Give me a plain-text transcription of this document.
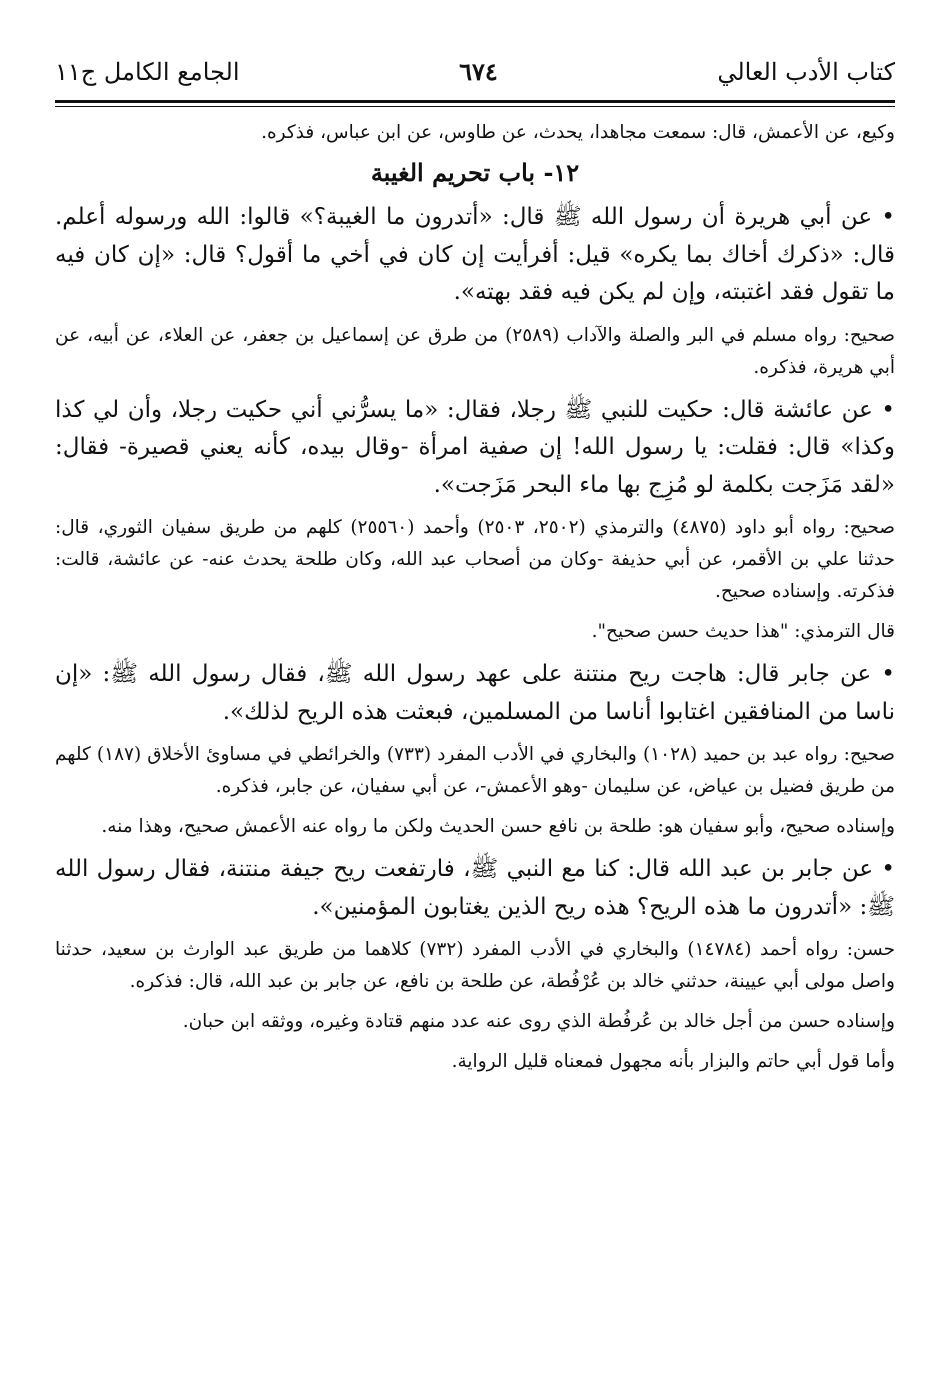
كتاب الأدب العالي
٦٧٤
الجامع الكامل ج١١

وكيع، عن الأعمش، قال: سمعت مجاهدا، يحدث، عن طاوس، عن ابن عباس، فذكره.

١٢- باب تحريم الغيبة

• عن أبي هريرة أن رسول الله ﷺ قال: «أتدرون ما الغيبة؟» قالوا: الله ورسوله أعلم. قال: «ذكرك أخاك بما يكره» قيل: أفرأيت إن كان في أخي ما أقول؟ قال: «إن كان فيه ما تقول فقد اغتبته، وإن لم يكن فيه فقد بهته».

صحيح: رواه مسلم في البر والصلة والآداب (٢٥٨٩) من طرق عن إسماعيل بن جعفر، عن العلاء، عن أبيه، عن أبي هريرة، فذكره.

• عن عائشة قال: حكيت للنبي ﷺ رجلا، فقال: «ما يسرُّني أني حكيت رجلا، وأن لي كذا وكذا» قال: فقلت: يا رسول الله! إن صفية امرأة -وقال بيده، كأنه يعني قصيرة- فقال: «لقد مَزَجت بكلمة لو مُزِج بها ماء البحر مَزَجت».

صحيح: رواه أبو داود (٤٨٧٥) والترمذي (٢٥٠٢، ٢٥٠٣) وأحمد (٢٥٥٦٠) كلهم من طريق سفيان الثوري، قال: حدثنا علي بن الأقمر، عن أبي حذيفة -وكان من أصحاب عبد الله، وكان طلحة يحدث عنه- عن عائشة، قالت: فذكرته. وإسناده صحيح.

قال الترمذي: "هذا حديث حسن صحيح".

• عن جابر قال: هاجت ريح منتنة على عهد رسول الله ﷺ، فقال رسول الله ﷺ: «إن ناسا من المنافقين اغتابوا أناسا من المسلمين، فبعثت هذه الريح لذلك».

صحيح: رواه عبد بن حميد (١٠٢٨) والبخاري في الأدب المفرد (٧٣٣) والخرائطي في مساوئ الأخلاق (١٨٧) كلهم من طريق فضيل بن عياض، عن سليمان -وهو الأعمش-، عن أبي سفيان، عن جابر، فذكره.

وإسناده صحيح، وأبو سفيان هو: طلحة بن نافع حسن الحديث ولكن ما رواه عنه الأعمش صحيح، وهذا منه.

• عن جابر بن عبد الله قال: كنا مع النبي ﷺ، فارتفعت ريح جيفة منتنة، فقال رسول الله ﷺ: «أتدرون ما هذه الريح؟ هذه ريح الذين يغتابون المؤمنين».

حسن: رواه أحمد (١٤٧٨٤) والبخاري في الأدب المفرد (٧٣٢) كلاهما من طريق عبد الوارث بن سعيد، حدثنا واصل مولى أبي عيينة، حدثني خالد بن عُرْفُطة، عن طلحة بن نافع، عن جابر بن عبد الله، قال: فذكره.

وإسناده حسن من أجل خالد بن عُرفُطة الذي روى عنه عدد منهم قتادة وغيره، ووثقه ابن حبان.

وأما قول أبي حاتم والبزار بأنه مجهول فمعناه قليل الرواية.
